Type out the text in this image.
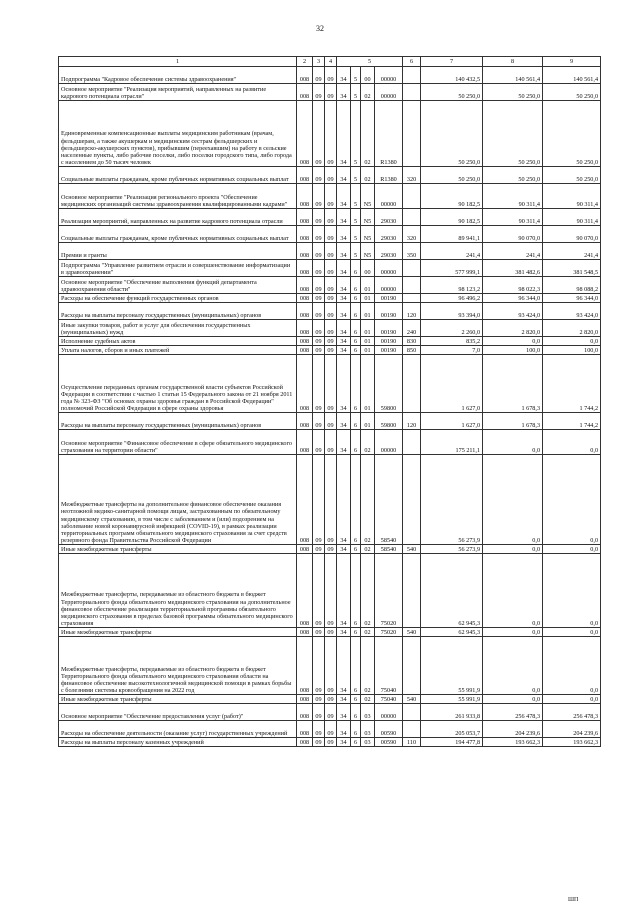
32
1	2	3	4	5				6	7	8	9
Подпрограмма "Кадровое обеспечение системы здравоохранения"	008	09	09	34	5	00	00000		140 432,5	140 561,4	140 561,4
Основное мероприятие "Реализация мероприятий, направленных на развитие кадрового потенциала отрасли"	008	09	09	34	5	02	00000		50 250,0	50 250,0	50 250,0
Единовременные компенсационные выплаты медицинским работникам (врачам, фельдшерам, а также акушеркам и медицинским сестрам фельдшерских и фельдшерско-акушерских пунктов), прибывшим (переехавшим) на работу в сельские населенные пункты, либо рабочие поселки, либо поселки городского типа, либо города с населением до 50 тысяч человек	008	09	09	34	5	02	R1380		50 250,0	50 250,0	50 250,0
Социальные выплаты гражданам, кроме публичных нормативных социальных выплат	008	09	09	34	5	02	R1380	320	50 250,0	50 250,0	50 250,0
Основное мероприятие "Реализация регионального проекта "Обеспечение медицинских организаций системы здравоохранения квалифицированными кадрами"	008	09	09	34	5	N5	00000		90 182,5	90 311,4	90 311,4
Реализация мероприятий, направленных на развитие кадрового потенциала отрасли	008	09	09	34	5	N5	29030		90 182,5	90 311,4	90 311,4
Социальные выплаты гражданам, кроме публичных нормативных социальных выплат	008	09	09	34	5	N5	29030	320	89 941,1	90 070,0	90 070,0
Премии и гранты	008	09	09	34	5	N5	29030	350	241,4	241,4	241,4
Подпрограмма "Управление развитием отрасли и совершенствование информатизации в здравоохранении"	008	09	09	34	6	00	00000		577 999,1	381 482,6	381 548,5
Основное мероприятие "Обеспечение выполнения функций департамента здравоохранения области"	008	09	09	34	6	01	00000		98 123,2	98 022,3	98 088,2
Расходы на обеспечение функций государственных органов	008	09	09	34	6	01	00190		96 496,2	96 344,0	96 344,0
Расходы на выплаты персоналу государственных (муниципальных) органов	008	09	09	34	6	01	00190	120	93 394,0	93 424,0	93 424,0
Иные закупки товаров, работ и услуг для обеспечения государственных (муниципальных) нужд	008	09	09	34	6	01	00190	240	2 260,0	2 820,0	2 820,0
Исполнение судебных актов	008	09	09	34	6	01	00190	830	835,2	0,0	0,0
Уплата налогов, сборов и иных платежей	008	09	09	34	6	01	00190	850	7,0	100,0	100,0
Осуществление переданных органам государственной власти субъектов Российской Федерации в соответствии с частью 1 статьи 15 Федерального закона от 21 ноября 2011 года № 323-ФЗ "Об основах охраны здоровья граждан в Российской Федерации" полномочий Российской Федерации в сфере охраны здоровья	008	09	09	34	6	01	59800		1 627,0	1 678,3	1 744,2
Расходы на выплаты персоналу государственных (муниципальных) органов	008	09	09	34	6	01	59800	120	1 627,0	1 678,3	1 744,2
Основное мероприятие "Финансовое обеспечение в сфере обязательного медицинского страхования на территории области"	008	09	09	34	6	02	00000		175 211,1	0,0	0,0
Межбюджетные трансферты на дополнительное финансовое обеспечение оказания неотложной медико-санитарной помощи лицам, застрахованным по обязательному медицинскому страхованию, в том числе с заболеванием и (или) подозрением на заболевание новой коронавирусной инфекцией (COVID-19), в рамках реализации территориальных программ обязательного медицинского страхования за счет средств резервного фонда Правительства Российской Федерации	008	09	09	34	6	02	58540		56 273,9	0,0	0,0
Иные межбюджетные трансферты	008	09	09	34	6	02	58540	540	56 273,9	0,0	0,0
Межбюджетные трансферты, передаваемые из областного бюджета в бюджет Территориального фонда обязательного медицинского страхования на дополнительное финансовое обеспечение реализации территориальной программы обязательного медицинского страхования в пределах базовой программы обязательного медицинского страхования	008	09	09	34	6	02	75020		62 945,3	0,0	0,0
Иные межбюджетные трансферты	008	09	09	34	6	02	75020	540	62 945,3	0,0	0,0
Межбюджетные трансферты, передаваемые из областного бюджета в бюджет Территориального фонда обязательного медицинского страхования области на финансовое обеспечение высокотехнологичной медицинской помощи в рамках борьбы с болезнями системы кровообращения на 2022 год	008	09	09	34	6	02	75040		55 991,9	0,0	0,0
Иные межбюджетные трансферты	008	09	09	34	6	02	75040	540	55 991,9	0,0	0,0
Основное мероприятие "Обеспечение предоставления услуг (работ)"	008	09	09	34	6	03	00000		261 933,8	256 478,3	256 478,3
Расходы на обеспечение деятельности (оказание услуг) государственных учреждений	008	09	09	34	6	03	00590		205 053,7	204 239,6	204 239,6
Расходы на выплаты персоналу казенных учреждений	008	09	09	34	6	03	00590	110	194 477,8	193 662,3	193 662,3
ШП
